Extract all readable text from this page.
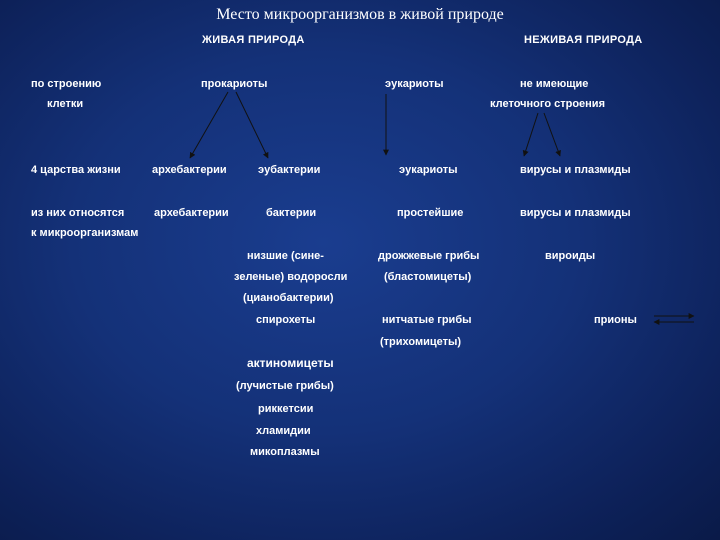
Место микроорганизмов в живой природе
ЖИВАЯ ПРИРОДА	НЕЖИВАЯ ПРИРОДА
по строению
клетки
прокариоты	эукариоты	не имеющие
клеточного строения
4 царства жизни	архебактерии	эубактерии	эукариоты	вирусы и плазмиды
из них относятся
к микроорганизмам
архебактерии	бактерии	простейшие	вирусы и плазмиды
низшие (сине-
зеленые) водоросли
(цианобактерии)
спирохеты
актиномицеты
(лучистые грибы)
риккетсии
хламидии
микоплазмы
дрожжевые грибы
(бластомицеты)
нитчатые грибы
(трихомицеты)
вироиды
прионы
